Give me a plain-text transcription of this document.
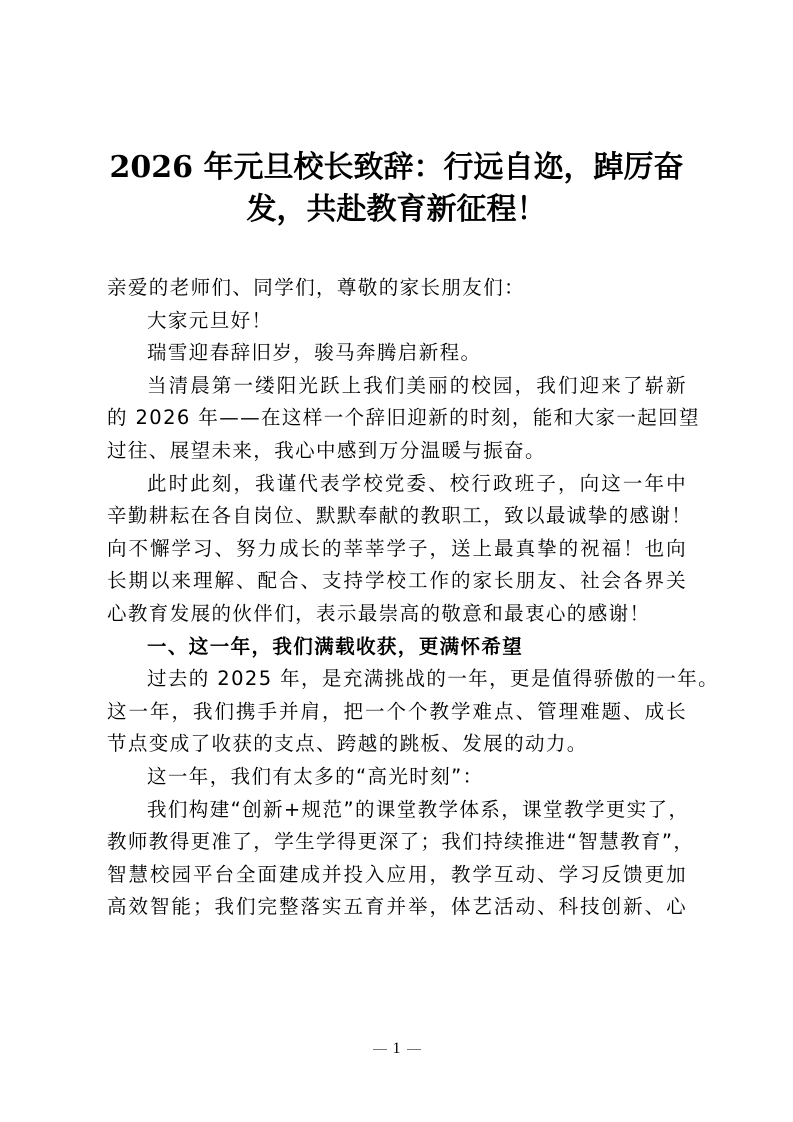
2026 年元旦校长致辞：行远自迩，踔厉奋
发，共赴教育新征程！
亲爱的老师们、同学们，尊敬的家长朋友们：
大家元旦好！
瑞雪迎春辞旧岁，骏马奔腾启新程。
当清晨第一缕阳光跃上我们美丽的校园，我们迎来了崭新
的 2026 年——在这样一个辞旧迎新的时刻，能和大家一起回望
过往、展望未来，我心中感到万分温暖与振奋。
此时此刻，我谨代表学校党委、校行政班子，向这一年中
辛勤耕耘在各自岗位、默默奉献的教职工，致以最诚挚的感谢！
向不懈学习、努力成长的莘莘学子，送上最真挚的祝福！也向
长期以来理解、配合、支持学校工作的家长朋友、社会各界关
心教育发展的伙伴们，表示最崇高的敬意和最衷心的感谢！
一、这一年，我们满载收获，更满怀希望
过去的 2025 年，是充满挑战的一年，更是值得骄傲的一年。
这一年，我们携手并肩，把一个个教学难点、管理难题、成长
节点变成了收获的支点、跨越的跳板、发展的动力。
这一年，我们有太多的“高光时刻”：
我们构建“创新+规范”的课堂教学体系，课堂教学更实了，
教师教得更准了，学生学得更深了；我们持续推进“智慧教育”，
智慧校园平台全面建成并投入应用，教学互动、学习反馈更加
高效智能；我们完整落实五育并举，体艺活动、科技创新、心
1
